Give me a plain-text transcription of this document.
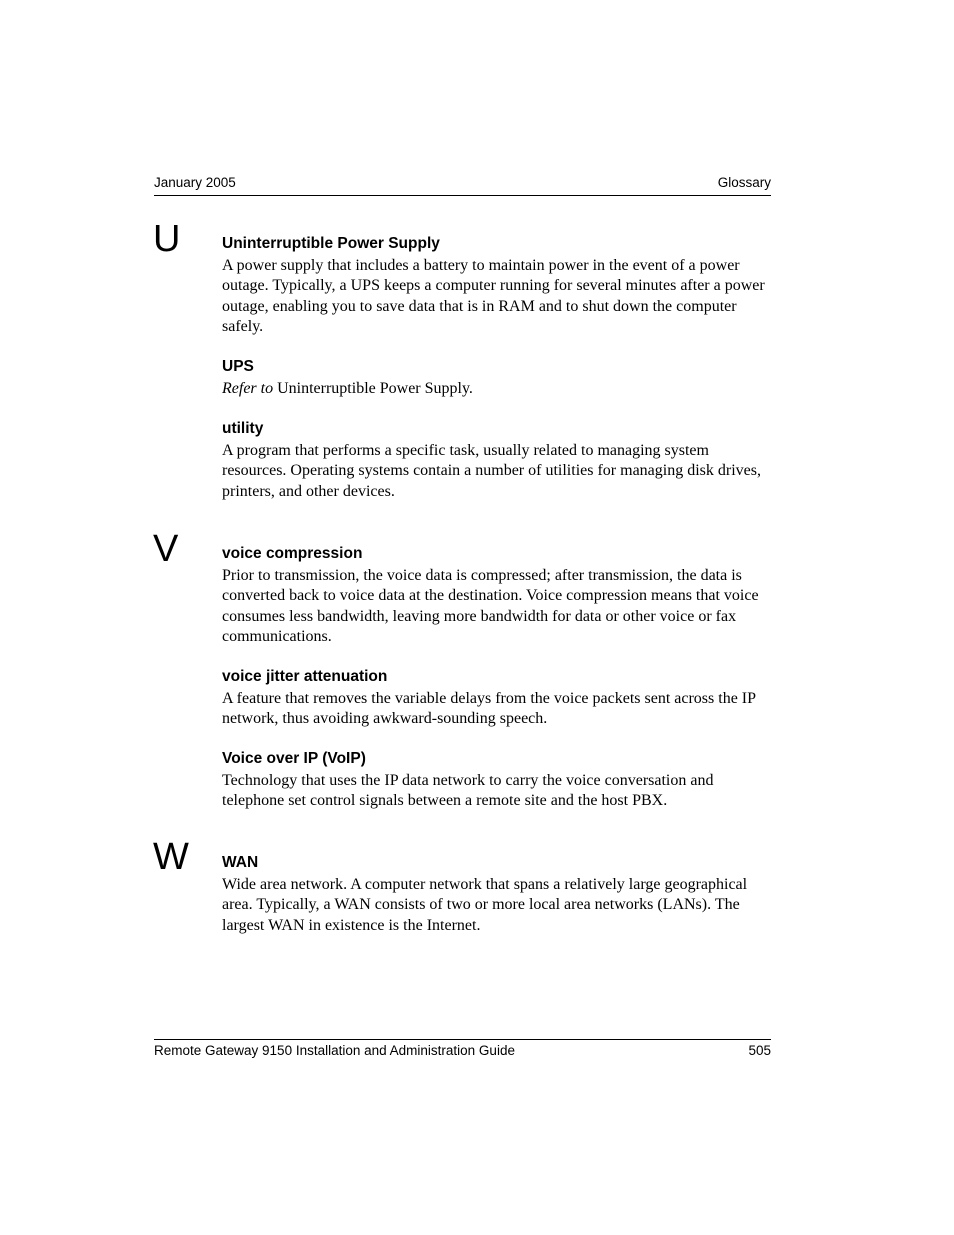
January 2005	Glossary
U	Uninterruptible Power Supply

A power supply that includes a battery to maintain power in the event of a power outage. Typically, a UPS keeps a computer running for several minutes after a power outage, enabling you to save data that is in RAM and to shut down the computer safely.

UPS

Refer to Uninterruptible Power Supply.

utility

A program that performs a specific task, usually related to managing system resources. Operating systems contain a number of utilities for managing disk drives, printers, and other devices.

V	voice compression

Prior to transmission, the voice data is compressed; after transmission, the data is converted back to voice data at the destination. Voice compression means that voice consumes less bandwidth, leaving more bandwidth for data or other voice or fax communications.

voice jitter attenuation

A feature that removes the variable delays from the voice packets sent across the IP network, thus avoiding awkward-sounding speech.

Voice over IP (VoIP)

Technology that uses the IP data network to carry the voice conversation and telephone set control signals between a remote site and the host PBX.

W WAN

Wide area network. A computer network that spans a relatively large geographical area. Typically, a WAN consists of two or more local area networks (LANs). The largest WAN in existence is the Internet.

Remote Gateway 9150 Installation and Administration Guide	505
